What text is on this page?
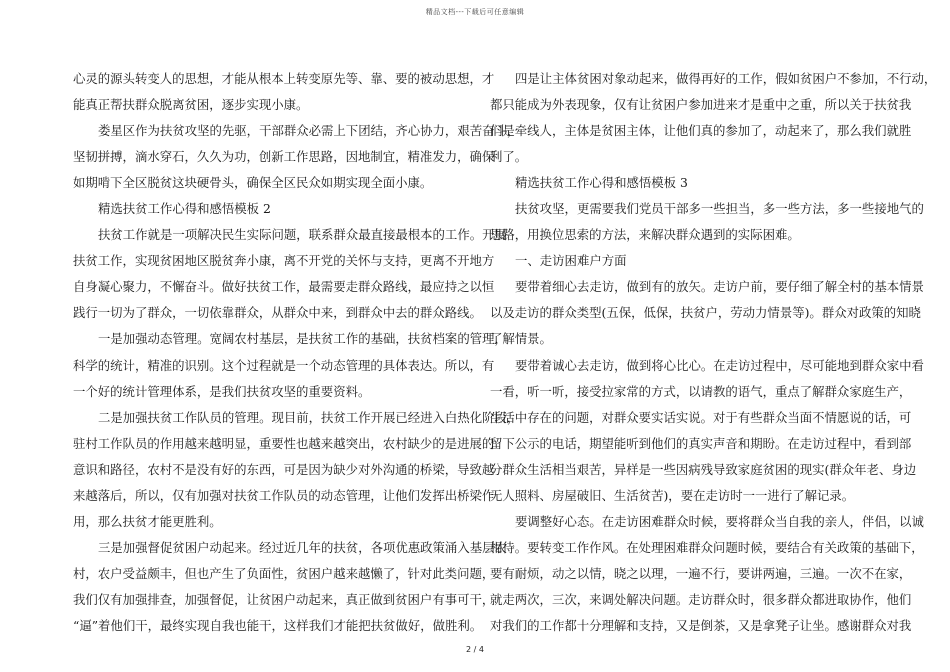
精品文档---下载后可任意编辑

心灵的源头转变人的思想，才能从根本上转变原先等、靠、要的被动思想，才

能真正帮扶群众脱离贫困，逐步实现小康。

娄星区作为扶贫攻坚的先驱，干部群众必需上下团结，齐心协力，艰苦奋斗，

坚韧拼搏，滴水穿石，久久为功，创新工作思路，因地制宜，精准发力，确保

如期啃下全区脱贫这块硬骨头，确保全区民众如期实现全面小康。

精选扶贫工作心得和感悟模板 2

扶贫工作就是一项解决民生实际问题，联系群众最直接最根本的工作。开展

扶贫工作，实现贫困地区脱贫奔小康，离不开党的关怀与支持，更离不开地方

自身凝心聚力，不懈奋斗。做好扶贫工作，最需要走群众路线，最应持之以恒

践行一切为了群众，一切依靠群众，从群众中来，到群众中去的群众路线。

一是加强动态管理。宽阔农村基层，是扶贫工作的基础，扶贫档案的管理，

科学的统计，精准的识别。这个过程就是一个动态管理的具体表达。所以，有

一个好的统计管理体系，是我们扶贫攻坚的重要资料。

二是加强扶贫工作队员的管理。现目前，扶贫工作开展已经进入白热化阶段，

驻村工作队员的作用越来越明显，重要性也越来越突出，农村缺少的是进展的

意识和路径，农村不是没有好的东西，可是因为缺少对外沟通的桥梁，导致越

来越落后，所以，仅有加强对扶贫工作队员的动态管理，让他们发挥出桥梁作

用，那么扶贫才能更胜利。

三是加强督促贫困户动起来。经过近几年的扶贫，各项优惠政策涌入基层农

村，农户受益颇丰，但也产生了负面性，贫困户越来越懒了，针对此类问题，

我们仅有加强排查，加强督促，让贫困户动起来，真正做到贫困户有事可干，

“逼”着他们干，最终实现自我也能干，这样我们才能把扶贫做好，做胜利。

四是让主体贫困对象动起来，做得再好的工作，假如贫困户不参加，不行动，

都只能成为外表现象，仅有让贫困户参加进来才是重中之重，所以关于扶贫我

们是牵线人，主体是贫困主体，让他们真的参加了，动起来了，那么我们就胜

利了。

精选扶贫工作心得和感悟模板 3

扶贫攻坚，更需要我们党员干部多一些担当，多一些方法，多一些接地气的

思路，用换位思索的方法，来解决群众遇到的实际困难。

一、走访困难户方面

要带着细心去走访，做到有的放矢。走访户前，要仔细了解全村的基本情景

以及走访的群众类型(五保，低保，扶贫户，劳动力情景等)。群众对政策的知晓

了解情景。

要带着诚心去走访，做到将心比心。在走访过程中，尽可能地到群众家中看

一看，听一听，接受拉家常的方式，以请教的语气，重点了解群众家庭生产，

生活中存在的问题，对群众要实话实说。对于有些群众当面不情愿说的话，可

留下公示的电话，期望能听到他们的真实声音和期盼。在走访过程中，看到部

分群众生活相当艰苦，异样是一些因病残导致家庭贫困的现实(群众年老、身边

无人照料、房屋破旧、生活贫苦)，要在走访时一一进行了解记录。

要调整好心态。在走访困难群众时候，要将群众当自我的亲人，伴侣，以诚

相待。要转变工作作风。在处理困难群众问题时候，要结合有关政策的基础下，

要有耐烦，动之以情，晓之以理，一遍不行，要讲两遍，三遍。一次不在家，

就走两次，三次，来调处解决问题。走访群众时，很多群众都进取协作，他们

对我们的工作都十分理解和支持，又是倒茶，又是拿凳子让坐。感谢群众对我

2 / 4
